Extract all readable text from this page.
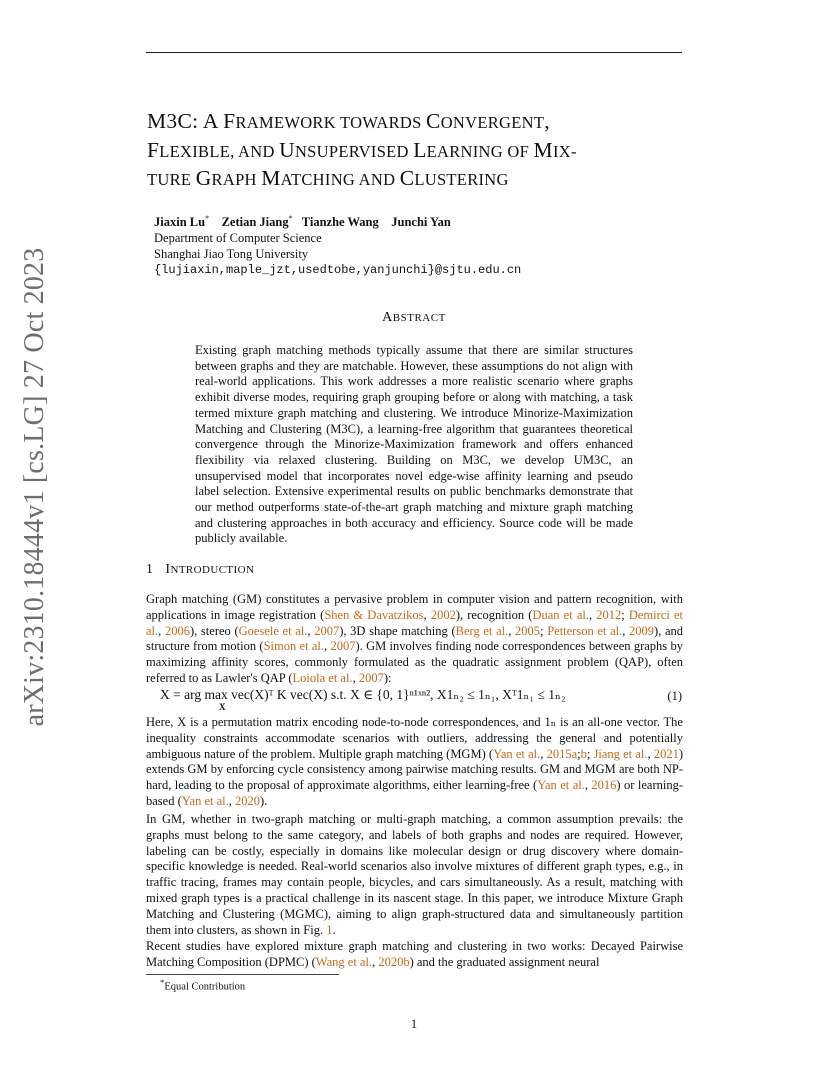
arXiv:2310.18444v1 [cs.LG] 27 Oct 2023
M3C: A FRAMEWORK TOWARDS CONVERGENT,
FLEXIBLE, AND UNSUPERVISED LEARNING OF MIX-
TURE GRAPH MATCHING AND CLUSTERING
Jiaxin Lu* Zetian Jiang* Tianzhe Wang Junchi Yan
Department of Computer Science
Shanghai Jiao Tong University
{lujiaxin,maple_jzt,usedtobe,yanjunchi}@sjtu.edu.cn
ABSTRACT
Existing graph matching methods typically assume that there are similar structures between graphs and they are matchable. However, these assumptions do not align with real-world applications. This work addresses a more realistic scenario where graphs exhibit diverse modes, requiring graph grouping before or along with matching, a task termed mixture graph matching and clustering. We introduce Minorize-Maximization Matching and Clustering (M3C), a learning-free algorithm that guarantees theoretical convergence through the Minorize-Maximization framework and offers enhanced flexibility via relaxed clustering. Building on M3C, we develop UM3C, an unsupervised model that incorporates novel edge-wise affinity learning and pseudo label selection. Extensive experimental results on public benchmarks demonstrate that our method outperforms state-of-the-art graph matching and mixture graph matching and clustering approaches in both accuracy and efficiency. Source code will be made publicly available.
1 INTRODUCTION
Graph matching (GM) constitutes a pervasive problem in computer vision and pattern recognition, with applications in image registration (Shen & Davatzikos, 2002), recognition (Duan et al., 2012; Demirci et al., 2006), stereo (Goesele et al., 2007), 3D shape matching (Berg et al., 2005; Petterson et al., 2009), and structure from motion (Simon et al., 2007). GM involves finding node correspondences between graphs by maximizing affinity scores, commonly formulated as the quadratic assignment problem (QAP), often referred to as Lawler's QAP (Loiola et al., 2007):
X = arg max vec(X)ᵀ K vec(X) s.t. X ∈ {0, 1}ⁿ¹ˣⁿ², X1ₙ₂ ≤ 1ₙ₁, Xᵀ1ₙ₁ ≤ 1ₙ₂
X
(1)
Here, X is a permutation matrix encoding node-to-node correspondences, and 1ₙ is an all-one vector. The inequality constraints accommodate scenarios with outliers, addressing the general and potentially ambiguous nature of the problem. Multiple graph matching (MGM) (Yan et al., 2015a;b; Jiang et al., 2021) extends GM by enforcing cycle consistency among pairwise matching results. GM and MGM are both NP-hard, leading to the proposal of approximate algorithms, either learning-free (Yan et al., 2016) or learning-based (Yan et al., 2020).
In GM, whether in two-graph matching or multi-graph matching, a common assumption prevails: the graphs must belong to the same category, and labels of both graphs and nodes are required. However, labeling can be costly, especially in domains like molecular design or drug discovery where domain-specific knowledge is needed. Real-world scenarios also involve mixtures of different graph types, e.g., in traffic tracing, frames may contain people, bicycles, and cars simultaneously. As a result, matching with mixed graph types is a practical challenge in its nascent stage. In this paper, we introduce Mixture Graph Matching and Clustering (MGMC), aiming to align graph-structured data and simultaneously partition them into clusters, as shown in Fig. 1.
Recent studies have explored mixture graph matching and clustering in two works: Decayed Pairwise Matching Composition (DPMC) (Wang et al., 2020b) and the graduated assignment neural
*Equal Contribution
1
